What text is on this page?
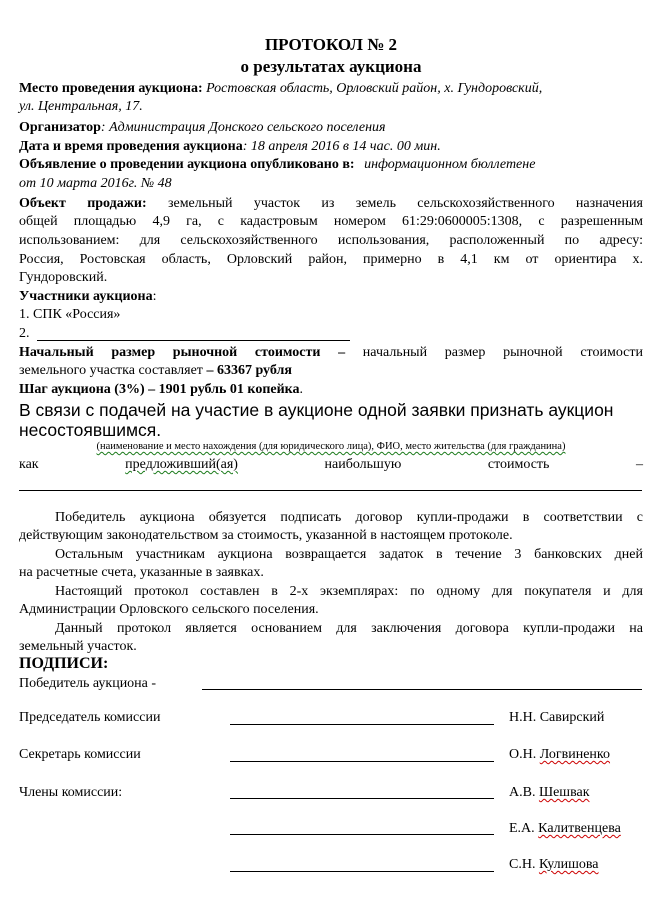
ПРОТОКОЛ № 2
о результатах аукциона
Место проведения аукциона: Ростовская область, Орловский район, х. Гундоровский,
ул. Центральная, 17.
Организатор: Администрация Донского сельского поселения
Дата и время проведения аукциона: 18 апреля 2016 в 14 час. 00 мин.
Объявление о проведении аукциона опубликовано в: информационном бюллетене
от 10 марта 2016г. № 48
Объект продажи: земельный участок из земель сельскохозяйственного назначения
общей площадью 4,9 га, с кадастровым номером 61:29:0600005:1308, с разрешенным
использованием: для сельскохозяйственного использования, расположенный по адресу:
Россия, Ростовская область, Орловский район, примерно в 4,1 км от ориентира х.
Гундоровский.
Участники аукциона:
1. СПК «Россия»
2.
Начальный размер рыночной стоимости – начальный размер рыночной стоимости
земельного участка составляет – 63367 рубля
Шаг аукциона (3%) – 1901 рубль 01 копейка.
В связи с подачей на участие в аукционе одной заявки признать аукцион
несостоявшимся.
(наименование и место нахождения (для юридического лица), ФИО, место жительства (для гражданина)
как	предложивший(ая)	наибольшую	стоимость	–
Победитель аукциона обязуется подписать договор купли-продажи в соответствии с
действующим законодательством за стоимость, указанной в настоящем протоколе.
Остальным участникам аукциона возвращается задаток в течение 3 банковских дней
на расчетные счета, указанные в заявках.
Настоящий протокол составлен в 2-х экземплярах: по одному для покупателя и для
Администрации Орловского сельского поселения.
Данный протокол является основанием для заключения договора купли-продажи на
земельный участок.
ПОДПИСИ:
Победитель аукциона -
Председатель комиссии	Н.Н. Савирский
Секретарь комиссии	О.Н. Логвиненко
Члены комиссии:	А.В. Шешвак
Е.А. Калитвенцева
С.Н. Кулишова
